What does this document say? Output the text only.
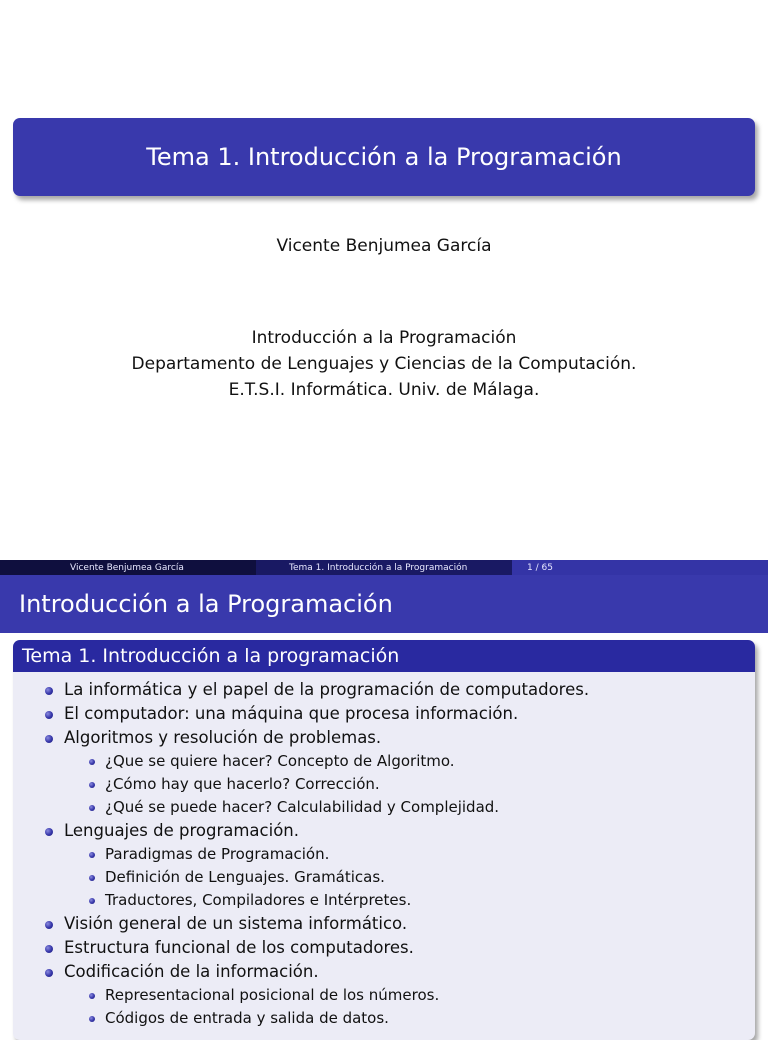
Tema 1. Introducción a la Programación
Vicente Benjumea García
Introducción a la Programación
Departamento de Lenguajes y Ciencias de la Computación.
E.T.S.I. Informática. Univ. de Málaga.
Vicente Benjumea García	Tema 1. Introducción a la Programación	1 / 65
Introducción a la Programación
Tema 1. Introducción a la programación
La informática y el papel de la programación de computadores.
El computador: una máquina que procesa información.
Algoritmos y resolución de problemas.
¿Que se quiere hacer? Concepto de Algoritmo.
¿Cómo hay que hacerlo? Corrección.
¿Qué se puede hacer? Calculabilidad y Complejidad.
Lenguajes de programación.
Paradigmas de Programación.
Definición de Lenguajes. Gramáticas.
Traductores, Compiladores e Intérpretes.
Visión general de un sistema informático.
Estructura funcional de los computadores.
Codificación de la información.
Representacional posicional de los números.
Códigos de entrada y salida de datos.
